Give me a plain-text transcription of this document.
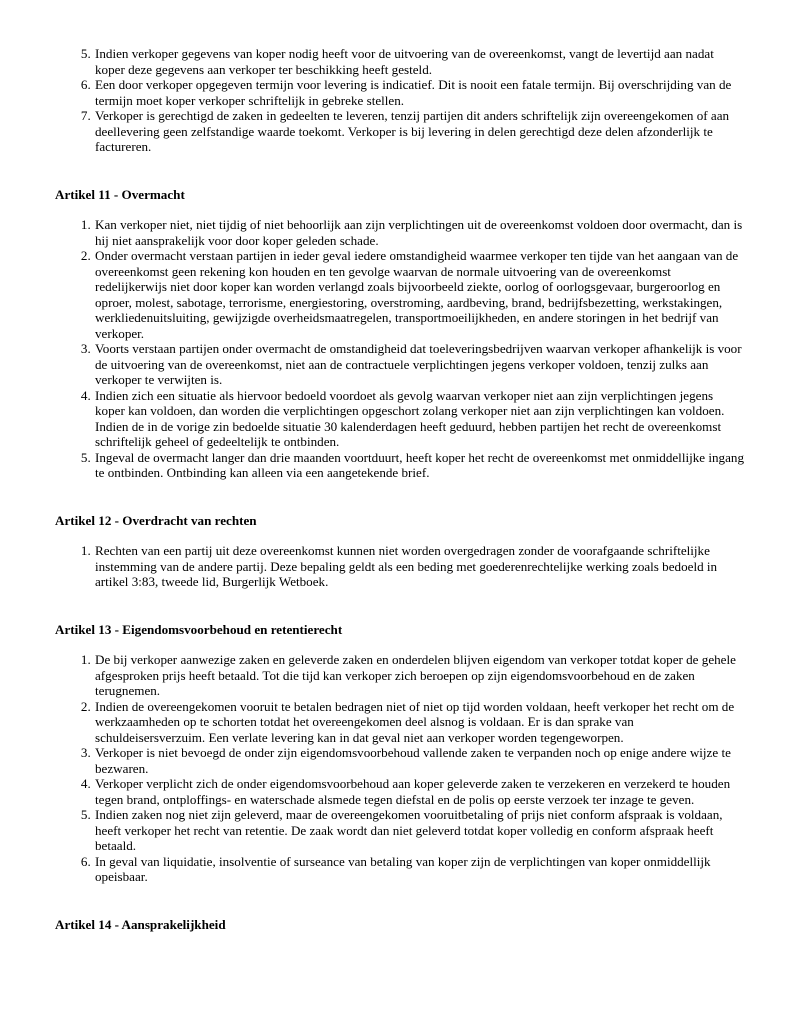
5. Indien verkoper gegevens van koper nodig heeft voor de uitvoering van de overeenkomst, vangt de levertijd aan nadat koper deze gegevens aan verkoper ter beschikking heeft gesteld.
6. Een door verkoper opgegeven termijn voor levering is indicatief. Dit is nooit een fatale termijn. Bij overschrijding van de termijn moet koper verkoper schriftelijk in gebreke stellen.
7. Verkoper is gerechtigd de zaken in gedeelten te leveren, tenzij partijen dit anders schriftelijk zijn overeengekomen of aan deellevering geen zelfstandige waarde toekomt. Verkoper is bij levering in delen gerechtigd deze delen afzonderlijk te factureren.
Artikel 11 - Overmacht
1. Kan verkoper niet, niet tijdig of niet behoorlijk aan zijn verplichtingen uit de overeenkomst voldoen door overmacht, dan is hij niet aansprakelijk voor door koper geleden schade.
2. Onder overmacht verstaan partijen in ieder geval iedere omstandigheid waarmee verkoper ten tijde van het aangaan van de overeenkomst geen rekening kon houden en ten gevolge waarvan de normale uitvoering van de overeenkomst redelijkerwijs niet door koper kan worden verlangd zoals bijvoorbeeld ziekte, oorlog of oorlogsgevaar, burgeroorlog en oproer, molest, sabotage, terrorisme, energiestoring, overstroming, aardbeving, brand, bedrijfsbezetting, werkstakingen, werkliedenuitsluiting, gewijzigde overheidsmaatregelen, transportmoeilijkheden, en andere storingen in het bedrijf van verkoper.
3. Voorts verstaan partijen onder overmacht de omstandigheid dat toeleveringsbedrijven waarvan verkoper afhankelijk is voor de uitvoering van de overeenkomst, niet aan de contractuele verplichtingen jegens verkoper voldoen, tenzij zulks aan verkoper te verwijten is.
4. Indien zich een situatie als hiervoor bedoeld voordoet als gevolg waarvan verkoper niet aan zijn verplichtingen jegens koper kan voldoen, dan worden die verplichtingen opgeschort zolang verkoper niet aan zijn verplichtingen kan voldoen. Indien de in de vorige zin bedoelde situatie 30 kalenderdagen heeft geduurd, hebben partijen het recht de overeenkomst schriftelijk geheel of gedeeltelijk te ontbinden.
5. Ingeval de overmacht langer dan drie maanden voortduurt, heeft koper het recht de overeenkomst met onmiddellijke ingang te ontbinden. Ontbinding kan alleen via een aangetekende brief.
Artikel 12 - Overdracht van rechten
1. Rechten van een partij uit deze overeenkomst kunnen niet worden overgedragen zonder de voorafgaande schriftelijke instemming van de andere partij. Deze bepaling geldt als een beding met goederenrechtelijke werking zoals bedoeld in artikel 3:83, tweede lid, Burgerlijk Wetboek.
Artikel 13 - Eigendomsvoorbehoud en retentierecht
1. De bij verkoper aanwezige zaken en geleverde zaken en onderdelen blijven eigendom van verkoper totdat koper de gehele afgesproken prijs heeft betaald. Tot die tijd kan verkoper zich beroepen op zijn eigendomsvoorbehoud en de zaken terugnemen.
2. Indien de overeengekomen vooruit te betalen bedragen niet of niet op tijd worden voldaan, heeft verkoper het recht om de werkzaamheden op te schorten totdat het overeengekomen deel alsnog is voldaan. Er is dan sprake van schuldeisersverzuim. Een verlate levering kan in dat geval niet aan verkoper worden tegengeworpen.
3. Verkoper is niet bevoegd de onder zijn eigendomsvoorbehoud vallende zaken te verpanden noch op enige andere wijze te bezwaren.
4. Verkoper verplicht zich de onder eigendomsvoorbehoud aan koper geleverde zaken te verzekeren en verzekerd te houden tegen brand, ontploffings- en waterschade alsmede tegen diefstal en de polis op eerste verzoek ter inzage te geven.
5. Indien zaken nog niet zijn geleverd, maar de overeengekomen vooruitbetaling of prijs niet conform afspraak is voldaan, heeft verkoper het recht van retentie. De zaak wordt dan niet geleverd totdat koper volledig en conform afspraak heeft betaald.
6. In geval van liquidatie, insolventie of surseance van betaling van koper zijn de verplichtingen van koper onmiddellijk opeisbaar.
Artikel 14 - Aansprakelijkheid
